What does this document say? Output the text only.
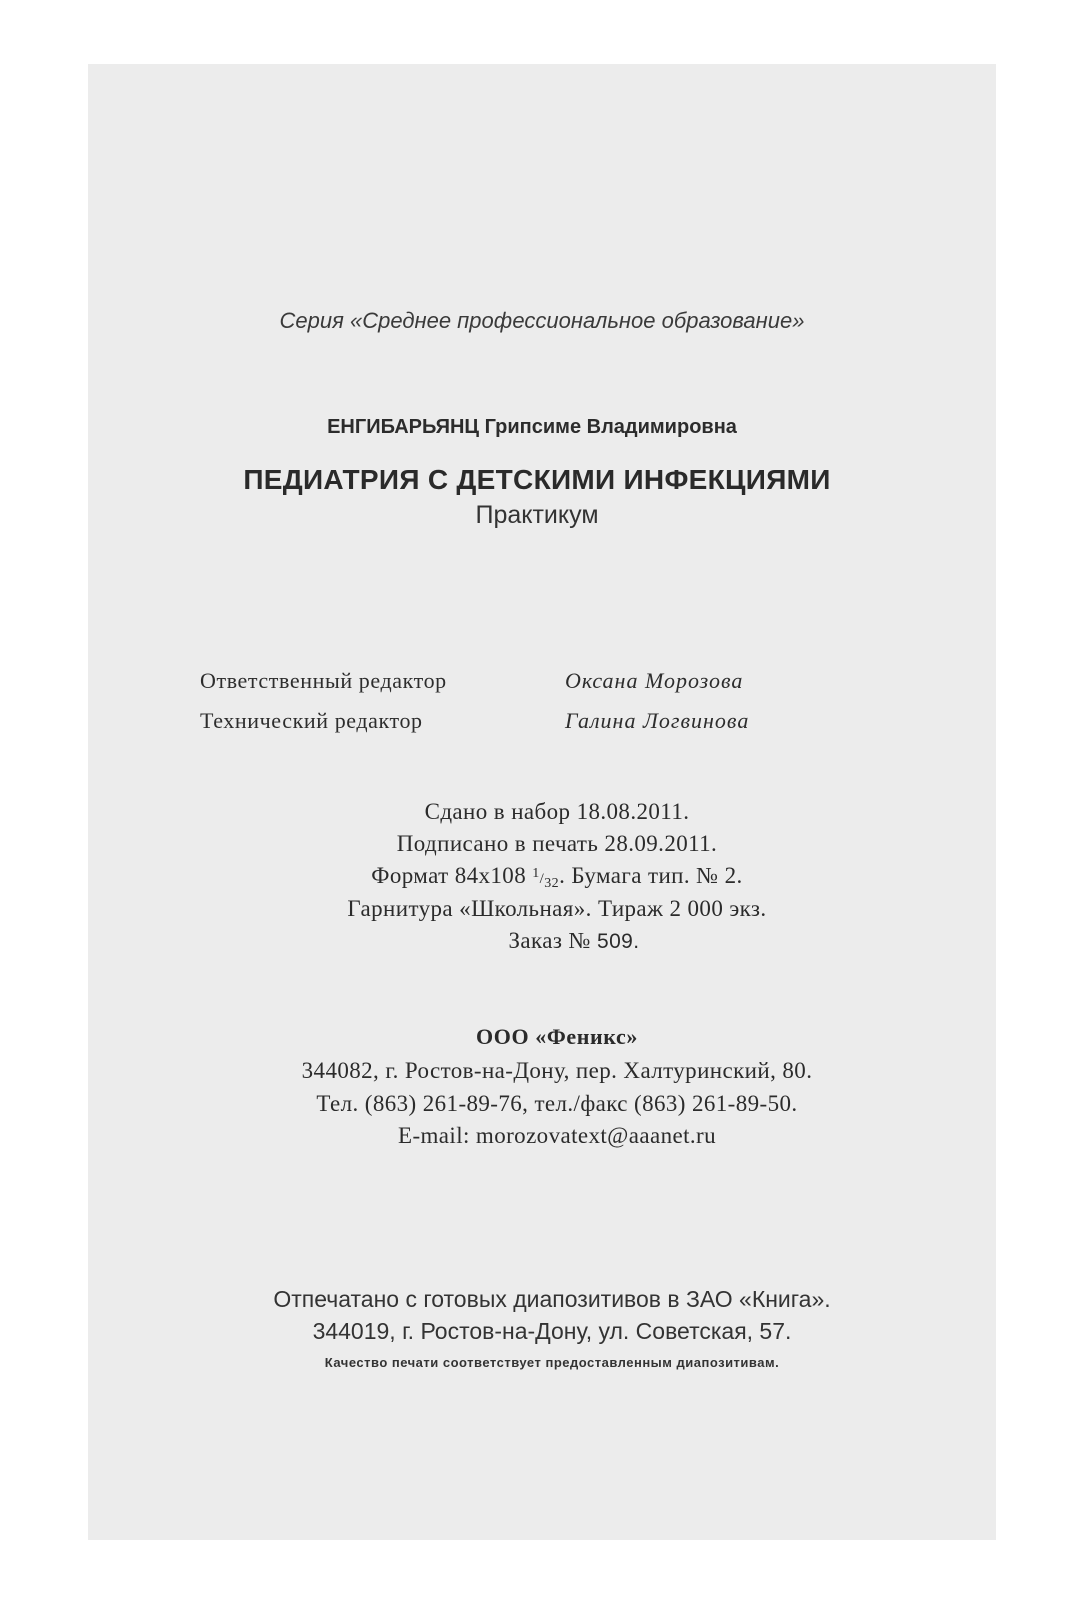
Серия «Среднее профессиональное образование»
ЕНГИБАРЬЯНЦ Грипсиме Владимировна
ПЕДИАТРИЯ С ДЕТСКИМИ ИНФЕКЦИЯМИ
Практикум
Ответственный редактор	Оксана Морозова
Технический редактор	Галина Логвинова
Сдано в набор 18.08.2011.
Подписано в печать 28.09.2011.
Формат 84х108 $^1/_{32}$. Бумага тип. № 2.
Гарнитура «Школьная». Тираж 2 000 экз.
Заказ № 509.
ООО «Феникс»
344082, г. Ростов-на-Дону, пер. Халтуринский, 80.
Тел. (863) 261-89-76, тел./факс (863) 261-89-50.
E-mail: morozovatext@aaanet.ru
Отпечатано с готовых диапозитивов в ЗАО «Книга».
344019, г. Ростов-на-Дону, ул. Советская, 57.
Качество печати соответствует предоставленным диапозитивам.
